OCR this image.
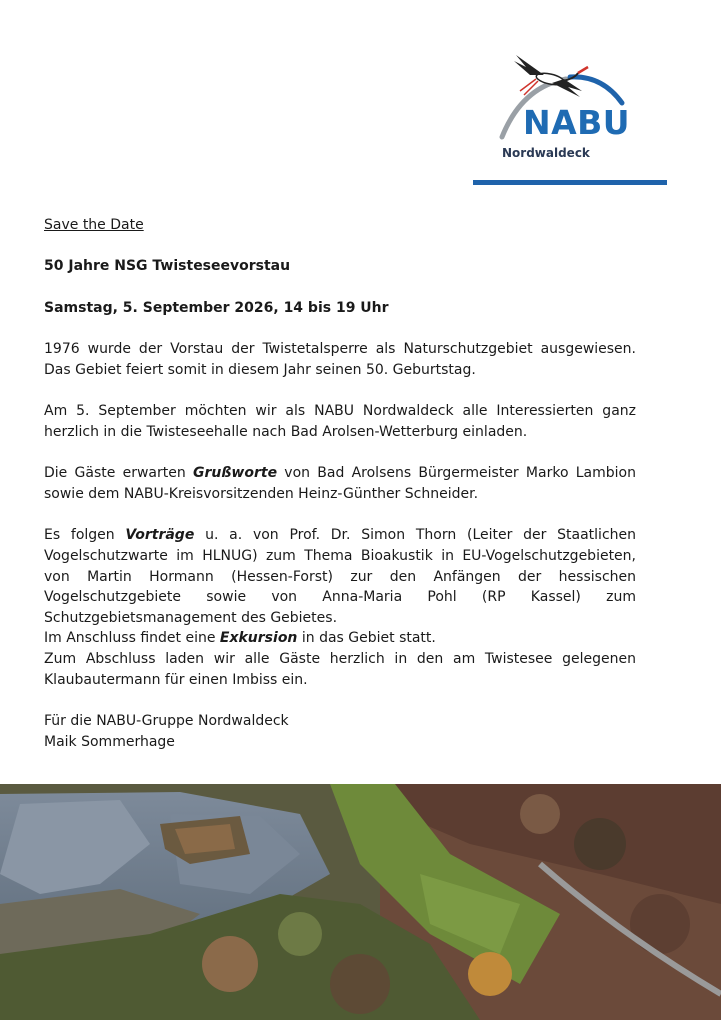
NABU
Nordwaldeck
Save the Date
50 Jahre NSG Twisteseevorstau
Samstag, 5. September 2026, 14 bis 19 Uhr
1976 wurde der Vorstau der Twistetalsperre als Naturschutzgebiet ausgewiesen. Das Gebiet feiert somit in diesem Jahr seinen 50. Geburtstag.
Am 5. September möchten wir als NABU Nordwaldeck alle Interessierten ganz herzlich in die Twisteseehalle nach Bad Arolsen-Wetterburg einladen.
Die Gäste erwarten Grußworte von Bad Arolsens Bürgermeister Marko Lambion sowie dem NABU-Kreisvorsitzenden Heinz-Günther Schneider.
Es folgen Vorträge u. a. von Prof. Dr. Simon Thorn (Leiter der Staatlichen Vogelschutzwarte im HLNUG) zum Thema Bioakustik in EU-Vogelschutzgebieten, von Martin Hormann (Hessen-Forst) zur den Anfängen der hessischen Vogelschutzgebiete sowie von Anna-Maria Pohl (RP Kassel) zum Schutzgebietsmanagement des Gebietes.
Im Anschluss findet eine Exkursion in das Gebiet statt.
Zum Abschluss laden wir alle Gäste herzlich in den am Twistesee gelegenen Klaubautermann für einen Imbiss ein.
Für die NABU-Gruppe Nordwaldeck
Maik Sommerhage
